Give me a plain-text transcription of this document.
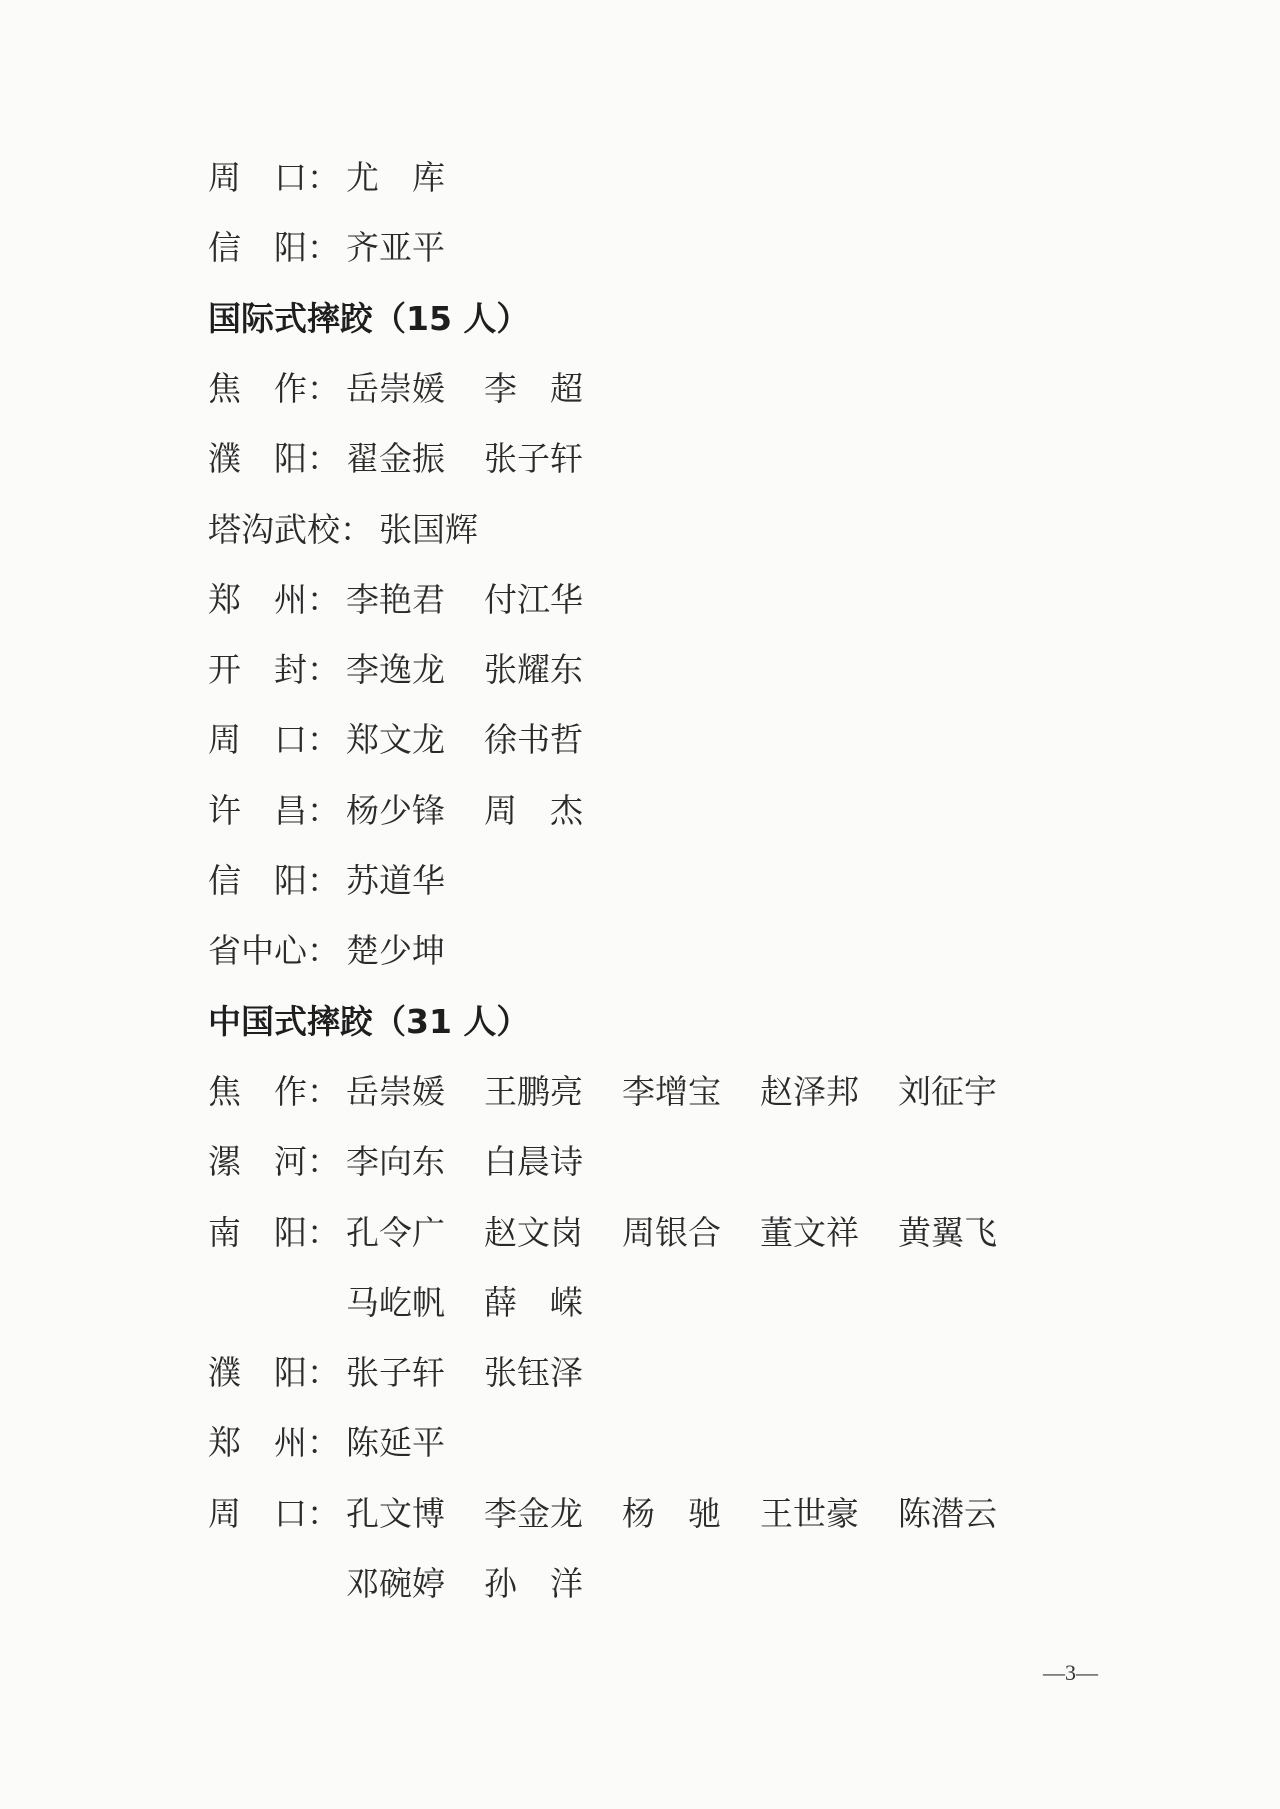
周　口： 尤　库
信　阳： 齐亚平
国际式摔跤（15 人）
焦　作： 岳崇媛 李　超
濮　阳： 翟金振 张子轩
塔沟武校： 张国辉
郑　州： 李艳君 付江华
开　封： 李逸龙 张耀东
周　口： 郑文龙 徐书哲
许　昌： 杨少锋 周　杰
信　阳： 苏道华
省中心： 楚少坤
中国式摔跤（31 人）
焦　作： 岳崇媛 王鹏亮 李增宝 赵泽邦 刘征宇
漯　河： 李向东 白晨诗
南　阳： 孔令广 赵文岗 周银合 董文祥 黄翼飞
马屹帆 薛　嵘
濮　阳： 张子轩 张钰泽
郑　州： 陈延平
周　口： 孔文博 李金龙 杨　驰 王世豪 陈潜云
邓碗婷 孙　洋
—3—
